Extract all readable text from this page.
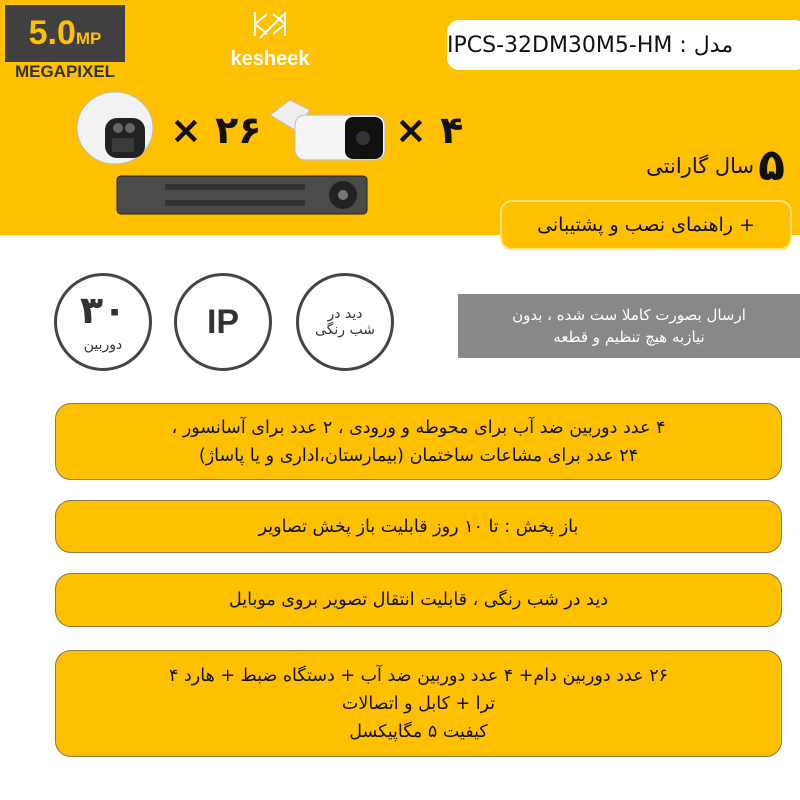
5.0 MP
MEGAPIXEL
kesheek
مدل :

IPCS-32DM30M5-HM
× ۲۶	× ۴
۵
سال گارانتی
+ راهنمای نصب و پشتیبانی
۳۰
دوربین
IP	دید در
شب رنگی
ارسال بصورت کاملا ست شده ، بدون
نیازبه هیچ تنظیم و قطعه
۴ عدد دوربین ضد آب برای محوطه و ورودی ، ۲ عدد برای آسانسور ،
۲۴ عدد برای مشاعات ساختمان (بیمارستان،اداری و یا پاساژ)
باز پخش : تا ۱۰ روز قابلیت باز پخش تصاویر
دید در شب رنگی ، قابلیت انتقال تصویر بروی موبایل
۲۶ عدد دوربین دام+ ۴ عدد دوربین ضد آب + دستگاه ضبط + هارد ۴
ترا + کابل و اتصالات
کیفیت ۵ مگاپیکسل
